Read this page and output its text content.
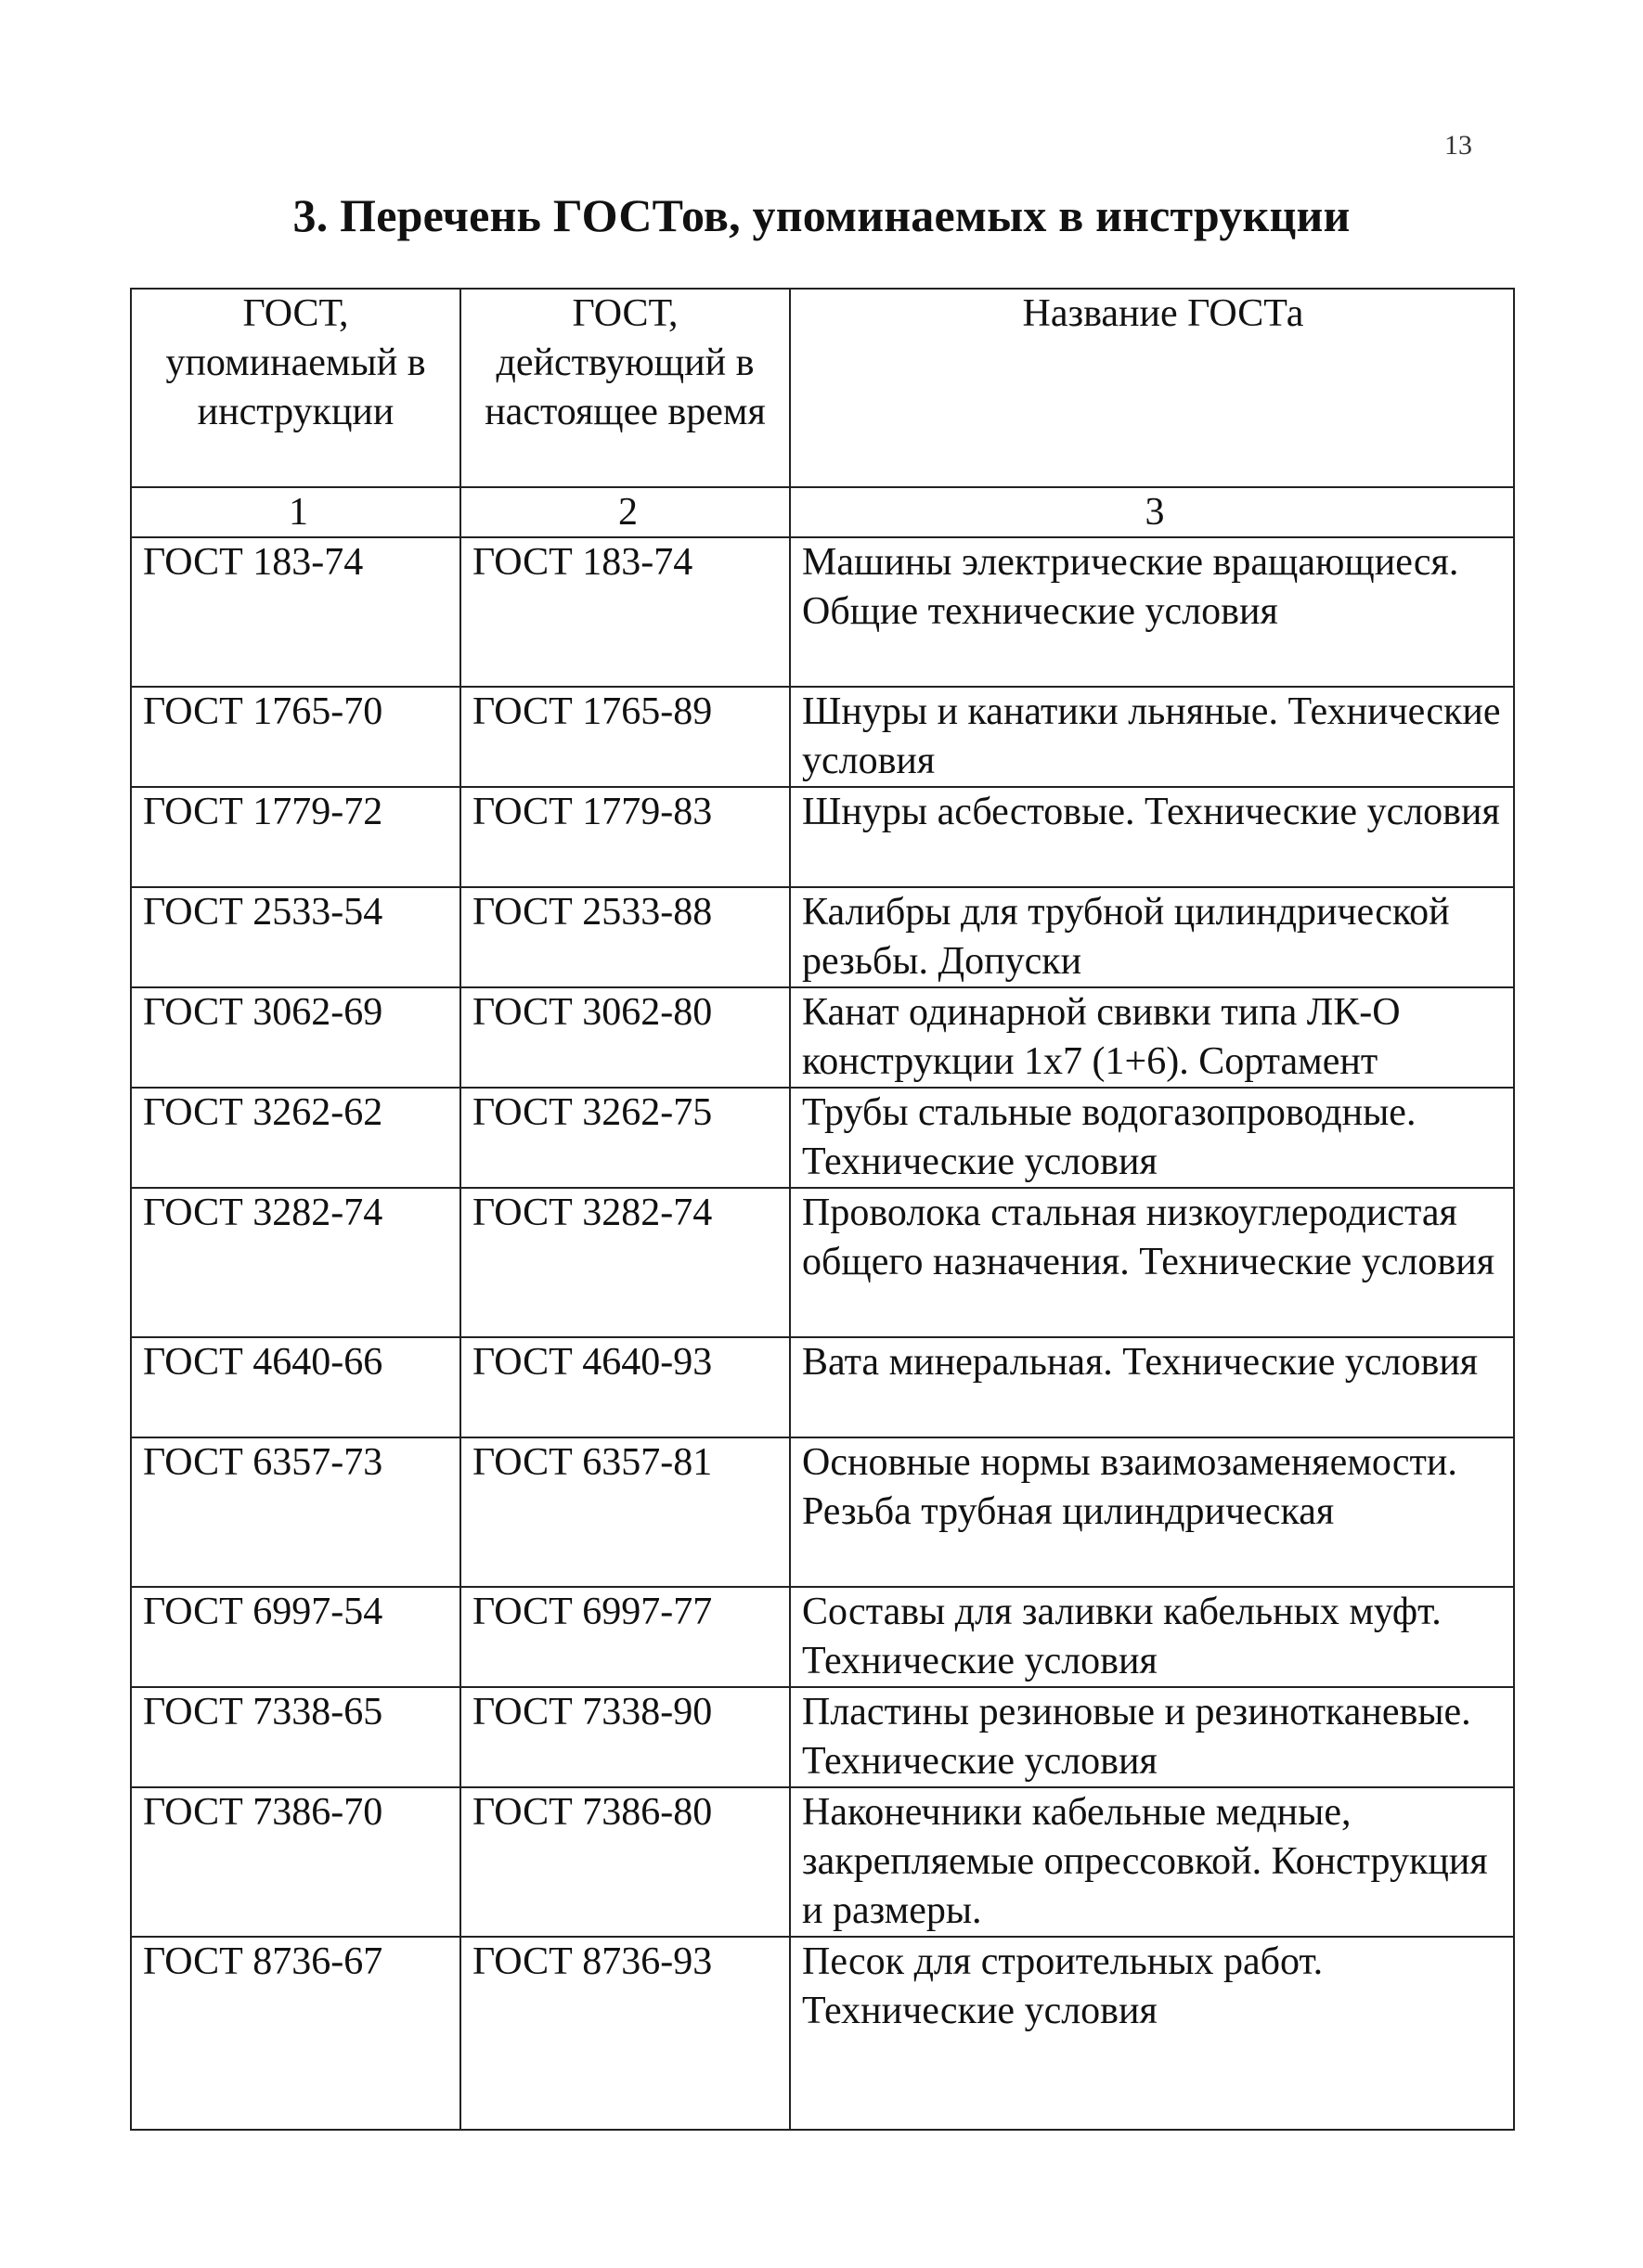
13
3. Перечень ГОСТов, упоминаемых в инструкции
ГОСТ, упоминаемый в инструкции	ГОСТ, действующий в настоящее время	Название ГОСТа
1	2	3
ГОСТ 183-74	ГОСТ 183-74	Машины электрические вращающиеся. Общие технические условия
ГОСТ 1765-70	ГОСТ 1765-89	Шнуры и канатики льняные. Технические условия
ГОСТ 1779-72	ГОСТ 1779-83	Шнуры асбестовые. Технические условия
ГОСТ 2533-54	ГОСТ 2533-88	Калибры для трубной цилиндрической резьбы. Допуски
ГОСТ 3062-69	ГОСТ 3062-80	Канат одинарной свивки типа ЛК-О конструкции 1х7 (1+6). Сортамент
ГОСТ 3262-62	ГОСТ 3262-75	Трубы стальные водогазопроводные. Технические условия
ГОСТ 3282-74	ГОСТ 3282-74	Проволока стальная низкоуглеродистая общего назначения. Технические условия
ГОСТ 4640-66	ГОСТ 4640-93	Вата минеральная. Технические условия
ГОСТ 6357-73	ГОСТ 6357-81	Основные нормы взаимозаменяемости. Резьба трубная цилиндрическая
ГОСТ 6997-54	ГОСТ 6997-77	Составы для заливки кабельных муфт. Технические условия
ГОСТ 7338-65	ГОСТ 7338-90	Пластины резиновые и резинотканевые. Технические условия
ГОСТ 7386-70	ГОСТ 7386-80	Наконечники кабельные медные, закрепляемые опрессовкой. Конструкция и размеры.
ГОСТ 8736-67	ГОСТ 8736-93	Песок для строительных работ. Технические условия
